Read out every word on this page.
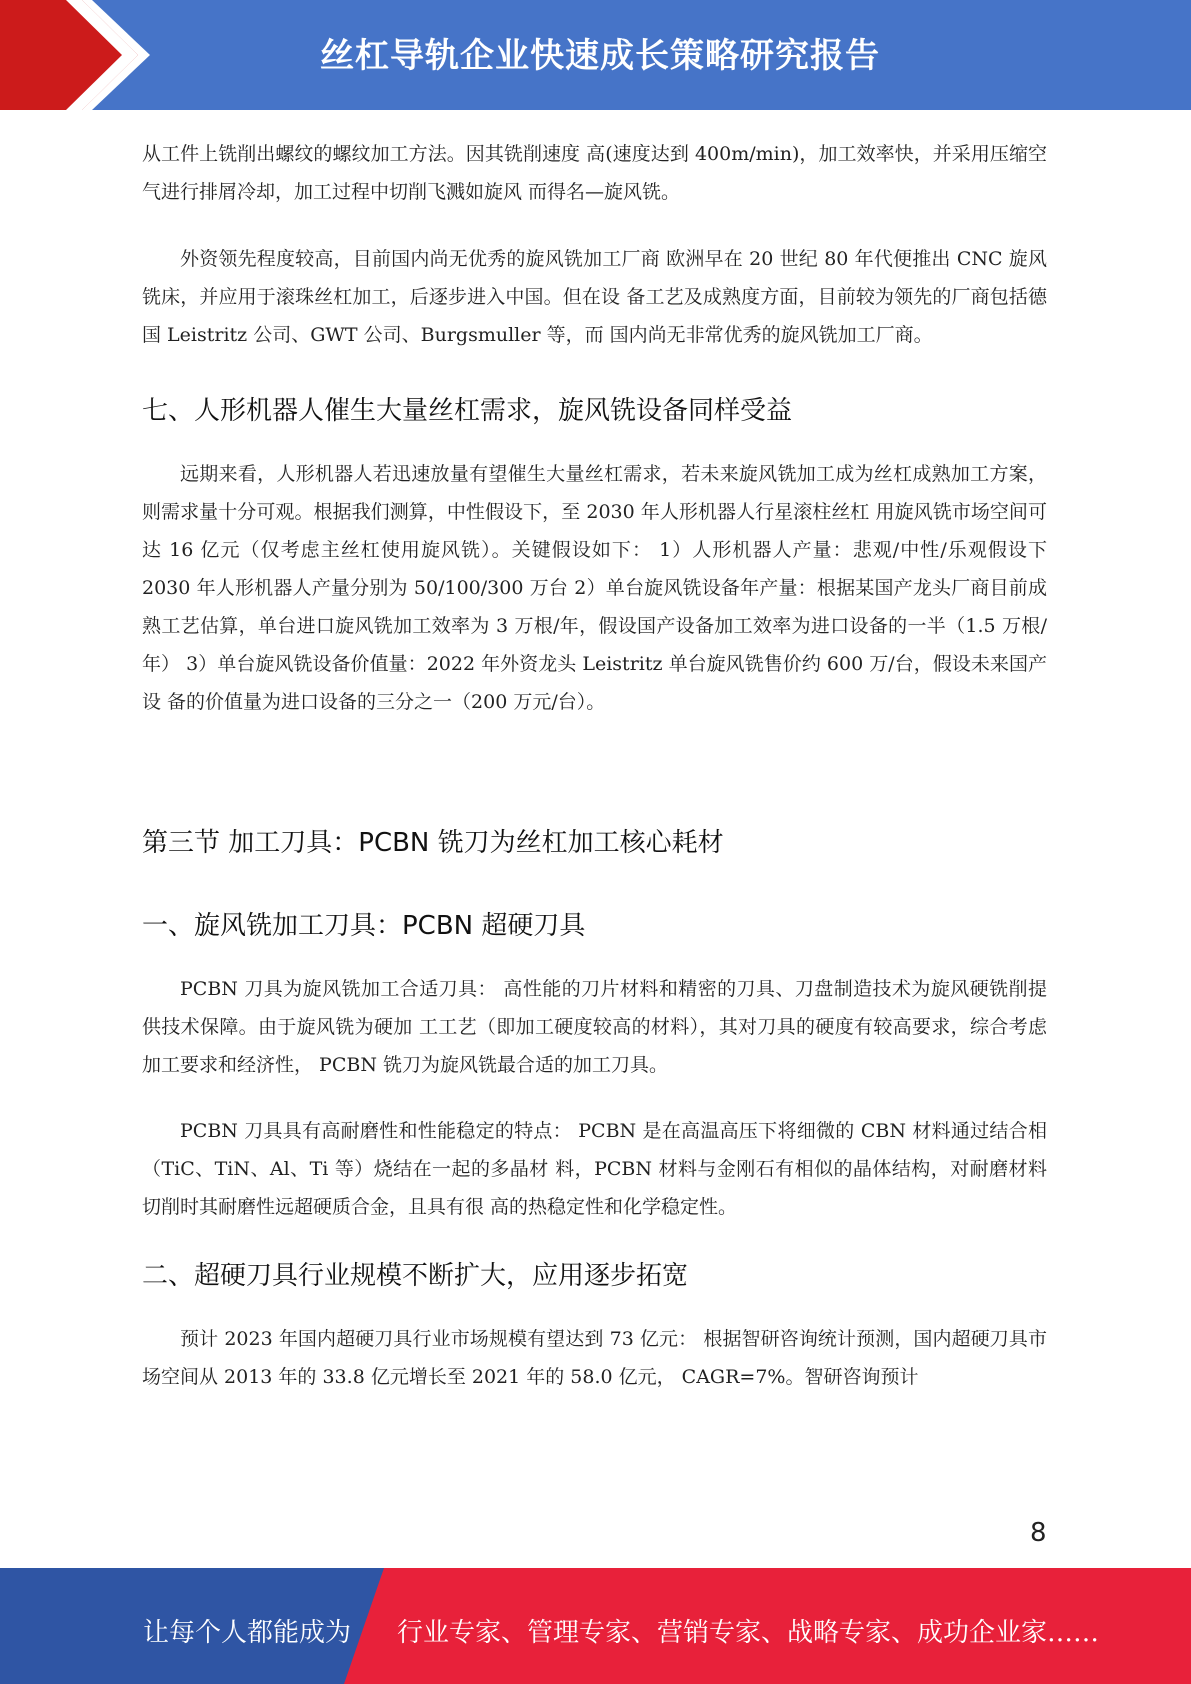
丝杠导轨企业快速成长策略研究报告

从工件上铣削出螺纹的螺纹加工方法。因其铣削速度 高(速度达到 400m/min)，加工效率快，并采用压缩空气进行排屑冷却，加工过程中切削飞溅如旋风 而得名—旋风铣。

外资领先程度较高，目前国内尚无优秀的旋风铣加工厂商 欧洲早在 20 世纪 80 年代便推出 CNC 旋风铣床，并应用于滚珠丝杠加工，后逐步进入中国。但在设 备工艺及成熟度方面，目前较为领先的厂商包括德国 Leistritz 公司、GWT 公司、Burgsmuller 等，而 国内尚无非常优秀的旋风铣加工厂商。

七、人形机器人催生大量丝杠需求，旋风铣设备同样受益

远期来看，人形机器人若迅速放量有望催生大量丝杠需求，若未来旋风铣加工成为丝杠成熟加工方案，则需求量十分可观。根据我们测算，中性假设下，至 2030 年人形机器人行星滚柱丝杠 用旋风铣市场空间可达 16 亿元（仅考虑主丝杠使用旋风铣）。关键假设如下： 1）人形机器人产量：悲观/中性/乐观假设下 2030 年人形机器人产量分别为 50/100/300 万台 2）单台旋风铣设备年产量：根据某国产龙头厂商目前成熟工艺估算，单台进口旋风铣加工效率为 3 万根/年，假设国产设备加工效率为进口设备的一半（1.5 万根/年） 3）单台旋风铣设备价值量：2022 年外资龙头 Leistritz 单台旋风铣售价约 600 万/台，假设未来国产设 备的价值量为进口设备的三分之一（200 万元/台）。

第三节 加工刀具：PCBN 铣刀为丝杠加工核心耗材
一、旋风铣加工刀具：PCBN 超硬刀具

PCBN 刀具为旋风铣加工合适刀具： 高性能的刀片材料和精密的刀具、刀盘制造技术为旋风硬铣削提供技术保障。由于旋风铣为硬加 工工艺（即加工硬度较高的材料），其对刀具的硬度有较高要求，综合考虑加工要求和经济性， PCBN 铣刀为旋风铣最合适的加工刀具。

PCBN 刀具具有高耐磨性和性能稳定的特点： PCBN 是在高温高压下将细微的 CBN 材料通过结合相（TiC、TiN、Al、Ti 等）烧结在一起的多晶材 料，PCBN 材料与金刚石有相似的晶体结构，对耐磨材料切削时其耐磨性远超硬质合金，且具有很 高的热稳定性和化学稳定性。

二、超硬刀具行业规模不断扩大，应用逐步拓宽

预计 2023 年国内超硬刀具行业市场规模有望达到 73 亿元： 根据智研咨询统计预测，国内超硬刀具市场空间从 2013 年的 33.8 亿元增长至 2021 年的 58.0 亿元， CAGR=7%。智研咨询预计

8
让每个人都能成为 行业专家、管理专家、营销专家、战略专家、成功企业家……
